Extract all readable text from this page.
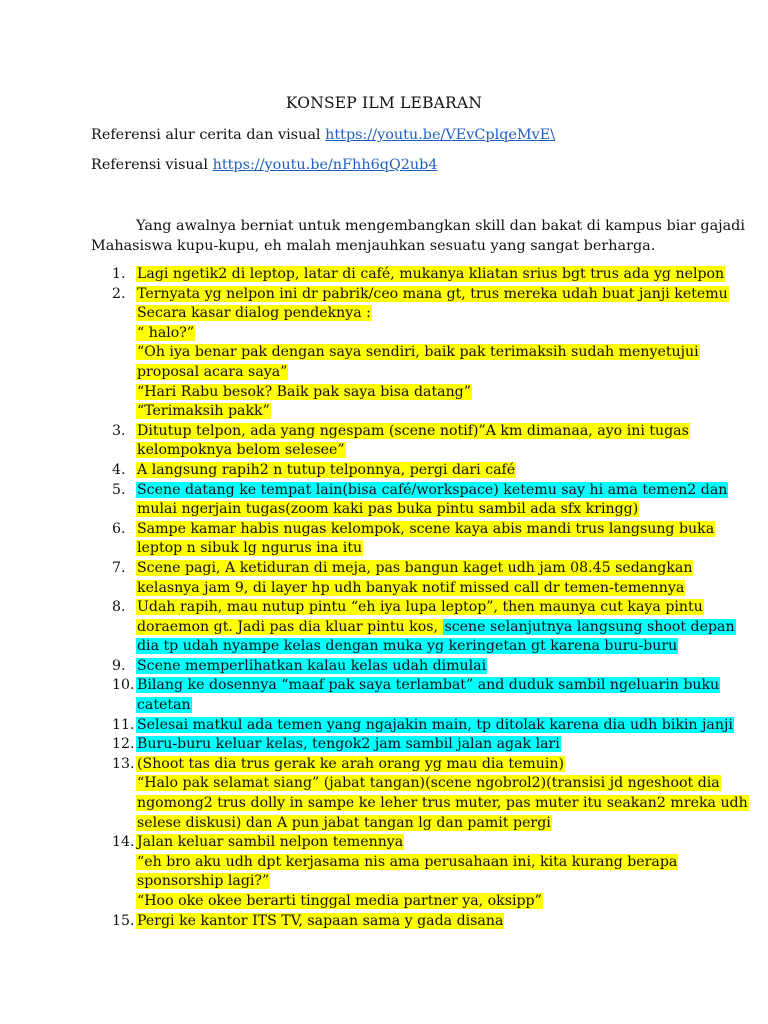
KONSEP ILM LEBARAN
Referensi alur cerita dan visual https://youtu.be/VEvCplqeMvE\
Referensi visual https://youtu.be/nFhh6qQ2ub4
Yang awalnya berniat untuk mengembangkan skill dan bakat di kampus biar gajadi
Mahasiswa kupu-kupu, eh malah menjauhkan sesuatu yang sangat berharga.
1. Lagi ngetik2 di leptop, latar di café, mukanya kliatan srius bgt trus ada yg nelpon
2. Ternyata yg nelpon ini dr pabrik/ceo mana gt, trus mereka udah buat janji ketemu
Secara kasar dialog pendeknya :
“ halo?”
“Oh iya benar pak dengan saya sendiri, baik pak terimaksih sudah menyetujui
proposal acara saya”
“Hari Rabu besok? Baik pak saya bisa datang”
“Terimaksih pakk”
3. Ditutup telpon, ada yang ngespam (scene notif)”A km dimanaa, ayo ini tugas
kelompoknya belom selesee”
4. A langsung rapih2 n tutup telponnya, pergi dari café
5. Scene datang ke tempat lain(bisa café/workspace) ketemu say hi ama temen2 dan
mulai ngerjain tugas(zoom kaki pas buka pintu sambil ada sfx kringg)
6. Sampe kamar habis nugas kelompok, scene kaya abis mandi trus langsung buka
leptop n sibuk lg ngurus ina itu
7. Scene pagi, A ketiduran di meja, pas bangun kaget udh jam 08.45 sedangkan
kelasnya jam 9, di layer hp udh banyak notif missed call dr temen-temennya
8. Udah rapih, mau nutup pintu “eh iya lupa leptop”, then maunya cut kaya pintu
doraemon gt. Jadi pas dia kluar pintu kos, scene selanjutnya langsung shoot depan
dia tp udah nyampe kelas dengan muka yg keringetan gt karena buru-buru
9. Scene memperlihatkan kalau kelas udah dimulai
10. Bilang ke dosennya “maaf pak saya terlambat” and duduk sambil ngeluarin buku
catetan
11. Selesai matkul ada temen yang ngajakin main, tp ditolak karena dia udh bikin janji
12. Buru-buru keluar kelas, tengok2 jam sambil jalan agak lari
13. (Shoot tas dia trus gerak ke arah orang yg mau dia temuin)
“Halo pak selamat siang” (jabat tangan)(scene ngobrol2)(transisi jd ngeshoot dia
ngomong2 trus dolly in sampe ke leher trus muter, pas muter itu seakan2 mreka udh
selese diskusi) dan A pun jabat tangan lg dan pamit pergi
14. Jalan keluar sambil nelpon temennya
“eh bro aku udh dpt kerjasama nis ama perusahaan ini, kita kurang berapa
sponsorship lagi?”
“Hoo oke okee berarti tinggal media partner ya, oksipp”
15. Pergi ke kantor ITS TV, sapaan sama y gada disana
